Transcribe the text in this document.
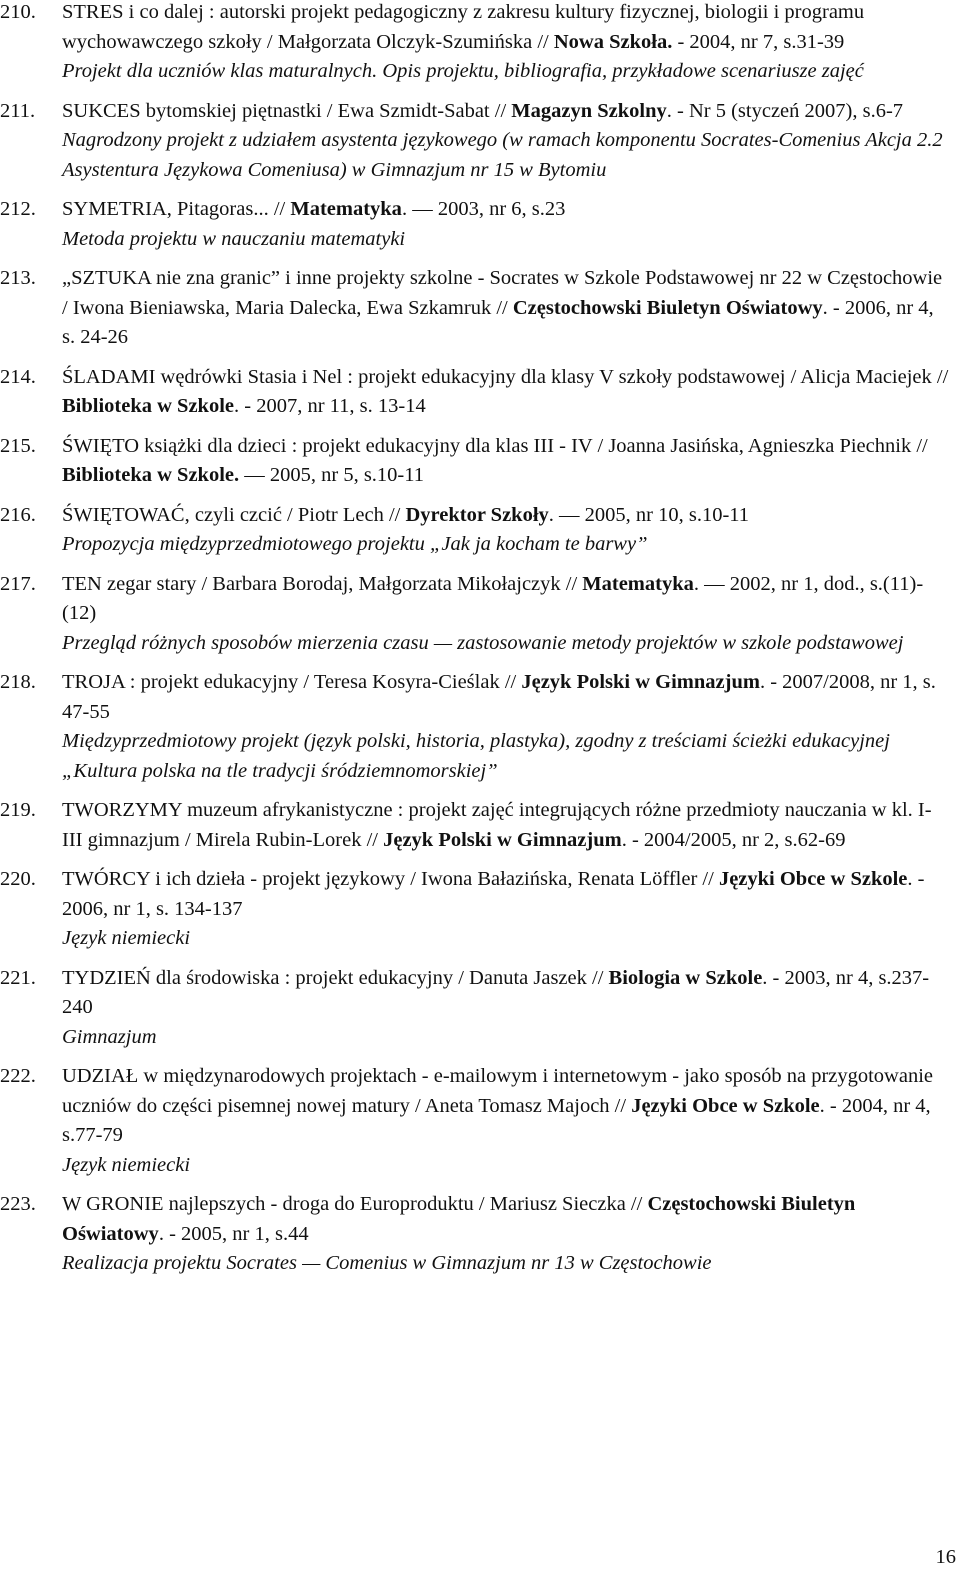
210.	STRES i co dalej : autorski projekt pedagogiczny z zakresu kultury fizycznej, biologii i programu wychowawczego szkoły / Małgorzata Olczyk-Szumińska // Nowa Szkoła. - 2004, nr 7, s.31-39
Projekt dla uczniów klas maturalnych. Opis projektu, bibliografia, przykładowe scenariusze zajęć
211.	SUKCES bytomskiej piętnastki / Ewa Szmidt-Sabat // Magazyn Szkolny. - Nr 5 (styczeń 2007), s.6-7
Nagrodzony projekt z udziałem asystenta językowego (w ramach komponentu Socrates-Comenius Akcja 2.2 Asystentura Językowa Comeniusa) w Gimnazjum nr 15 w Bytomiu
212.	SYMETRIA, Pitagoras... // Matematyka. — 2003, nr 6, s.23
Metoda projektu w nauczaniu matematyki
213.	„SZTUKA nie zna granic” i inne projekty szkolne - Socrates w Szkole Podstawowej nr 22 w Częstochowie / Iwona Bieniawska, Maria Dalecka, Ewa Szkamruk // Częstochowski Biuletyn Oświatowy. - 2006, nr 4, s. 24-26
214.	ŚLADAMI wędrówki Stasia i Nel : projekt edukacyjny dla klasy V szkoły podstawowej / Alicja Maciejek // Biblioteka w Szkole. - 2007, nr 11, s. 13-14
215.	ŚWIĘTO książki dla dzieci : projekt edukacyjny dla klas III - IV / Joanna Jasińska, Agnieszka Piechnik // Biblioteka w Szkole. — 2005, nr 5, s.10-11
216.	ŚWIĘTOWAĆ, czyli czcić / Piotr Lech // Dyrektor Szkoły. — 2005, nr 10, s.10-11
Propozycja międzyprzedmiotowego projektu „Jak ja kocham te barwy”
217.	TEN zegar stary / Barbara Borodaj, Małgorzata Mikołajczyk // Matematyka. — 2002, nr 1, dod., s.(11)-(12)
Przegląd różnych sposobów mierzenia czasu — zastosowanie metody projektów w szkole podstawowej
218.	TROJA : projekt edukacyjny / Teresa Kosyra-Cieślak // Język Polski w Gimnazjum. - 2007/2008, nr 1, s. 47-55
Międzyprzedmiotowy projekt (język polski, historia, plastyka), zgodny z treściami ścieżki edukacyjnej „Kultura polska na tle tradycji śródziemnomorskiej”
219.	TWORZYMY muzeum afrykanistyczne : projekt zajęć integrujących różne przedmioty nauczania w kl. I-III gimnazjum / Mirela Rubin-Lorek // Język Polski w Gimnazjum. - 2004/2005, nr 2, s.62-69
220.	TWÓRCY i ich dzieła - projekt językowy / Iwona Bałazińska, Renata Löffler // Języki Obce w Szkole. - 2006, nr 1, s. 134-137
Język niemiecki
221.	TYDZIEŃ dla środowiska : projekt edukacyjny / Danuta Jaszek // Biologia w Szkole. - 2003, nr 4, s.237-240
Gimnazjum
222.	UDZIAŁ w międzynarodowych projektach - e-mailowym i internetowym - jako sposób na przygotowanie uczniów do części pisemnej nowej matury / Aneta Tomasz Majoch // Języki Obce w Szkole. - 2004, nr 4, s.77-79
Język niemiecki
223.	W GRONIE najlepszych - droga do Europroduktu / Mariusz Sieczka // Częstochowski Biuletyn Oświatowy. - 2005, nr 1, s.44
Realizacja projektu Socrates — Comenius w Gimnazjum nr 13 w Częstochowie
16
